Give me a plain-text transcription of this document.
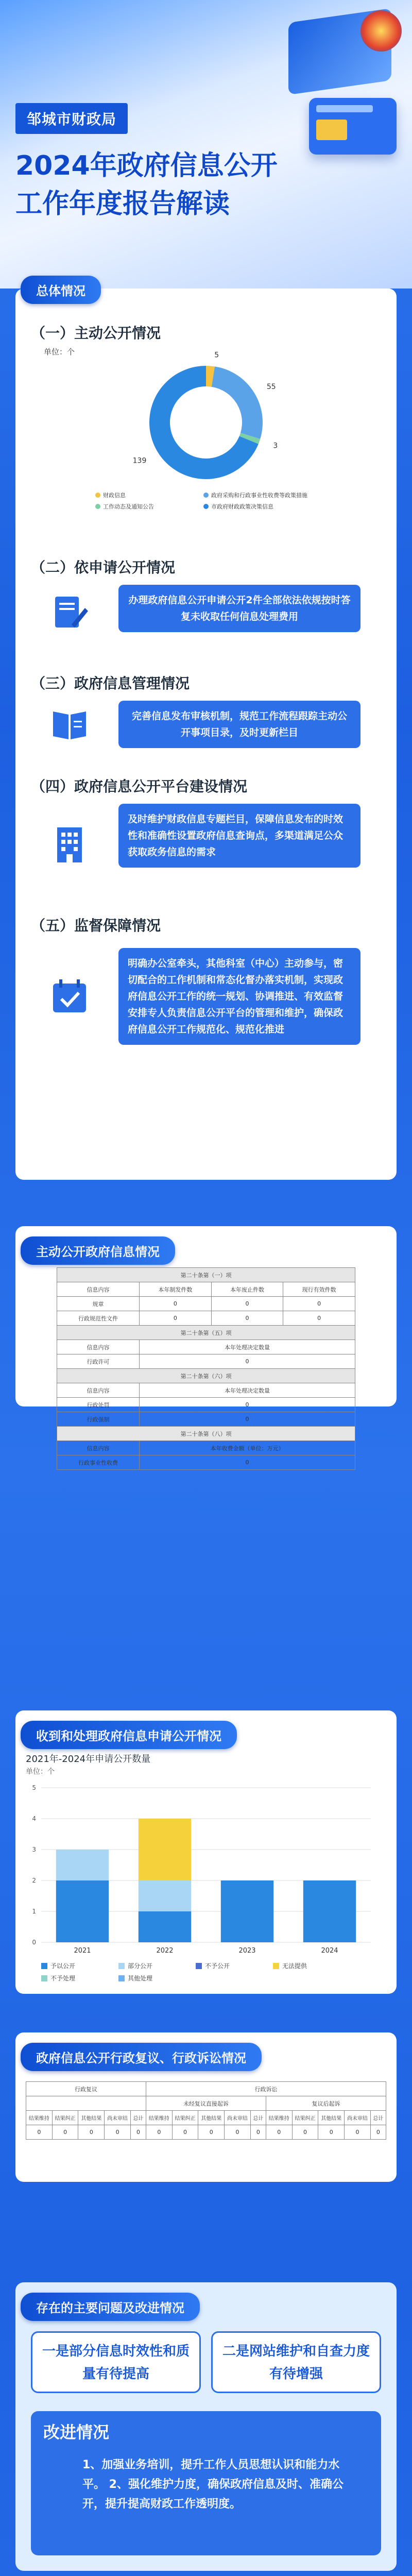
邹城市财政局
2024年政府信息公开
工作年度报告解读
总体情况
（一）主动公开情况
单位：个	5
55
3
139
财政信息	政府采购和行政事业性收费等政策措施
工作动态及通知公告	市政府财政政策决策信息
（二）依申请公开情况
办理政府信息公开申请公开2件全部依法依规按时答复未收取任何信息处理费用
（三）政府信息管理情况
完善信息发布审核机制，规范工作流程跟踪主动公开事项目录，及时更新栏目
（四）政府信息公开平台建设情况
及时维护财政信息专题栏目，保障信息发布的时效性和准确性设置政府信息查询点，多渠道满足公众获取政务信息的需求
（五）监督保障情况
明确办公室牵头，其他科室（中心）主动参与，密切配合的工作机制和常态化督办落实机制，实现政府信息公开工作的统一规划、协调推进、有效监督 安排专人负责信息公开平台的管理和维护，确保政府信息公开工作规范化、规范化推进
主动公开政府信息情况
第二十条第（一）项			
信息内容	本年制发件数	本年废止件数	现行有效件数
规章	0	0	0
行政规范性文件	0	0	0
第二十条第（五）项			
信息内容	本年处理决定数量		
行政许可	0		
第二十条第（六）项			
信息内容	本年处理决定数量		
行政处罚	0		
行政强制	0		
第二十条第（八）项			
信息内容	本年收费金额（单位：万元）		
行政事业性收费	0		
收到和处理政府信息申请公开情况
2021年-2024年申请公开数量
单位：个
0
1
2
3
4
5
2021	2022	2023	2024
予以公开	部分公开	不予公开	无法提供
不予处理	其他处理
政府信息公开行政复议、行政诉讼情况
行政复议					行政诉讼									
					未经复议直接起诉					复议后起诉				
结果维持	结果纠正	其他结果	尚未审结	总计	结果维持	结果纠正	其他结果	尚未审结	总计	结果维持	结果纠正	其他结果	尚未审结	总计
0	0	0	0	0	0	0	0	0	0	0	0	0	0	0
存在的主要问题及改进情况
一是部分信息时效性和质量有待提高
二是网站维护和自查力度有待增强
改进情况
1、加强业务培训，提升工作人员思想认识和能力水平。 2、强化维护力度，确保政府信息及时、准确公开，提升提高财政工作透明度。
